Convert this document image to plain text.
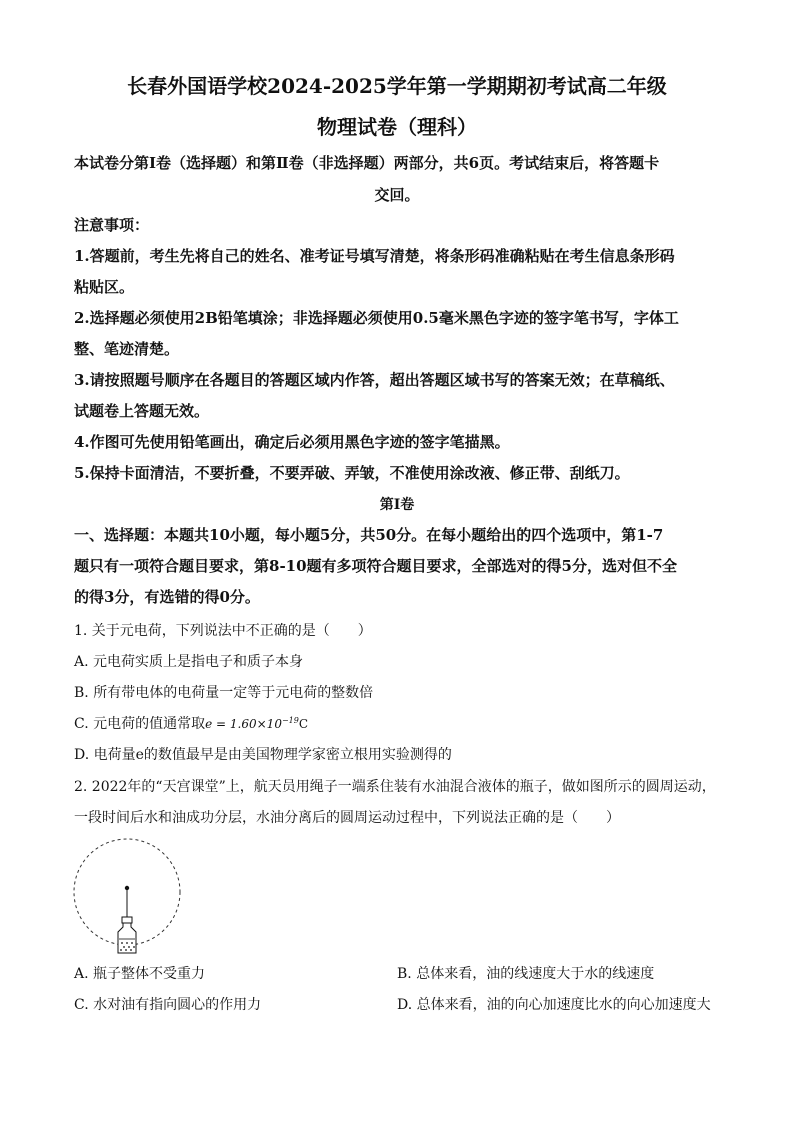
长春外国语学校2024-2025学年第一学期期初考试高二年级
物理试卷（理科）
本试卷分第Ⅰ卷（选择题）和第Ⅱ卷（非选择题）两部分，共6页。考试结束后，将答题卡
交回。
注意事项：
1.答题前，考生先将自己的姓名、准考证号填写清楚，将条形码准确粘贴在考生信息条形码
粘贴区。
2.选择题必须使用2B铅笔填涂；非选择题必须使用0.5毫米黑色字迹的签字笔书写，字体工
整、笔迹清楚。
3.请按照题号顺序在各题目的答题区域内作答，超出答题区域书写的答案无效；在草稿纸、
试题卷上答题无效。
4.作图可先使用铅笔画出，确定后必须用黑色字迹的签字笔描黑。
5.保持卡面清洁，不要折叠，不要弄破、弄皱，不准使用涂改液、修正带、刮纸刀。
第Ⅰ卷
一、选择题：本题共10小题，每小题5分，共50分。在每小题给出的四个选项中，第1-7
题只有一项符合题目要求，第8-10题有多项符合题目要求，全部选对的得5分，选对但不全
的得3分，有选错的得0分。
1. 关于元电荷，下列说法中不正确的是（　　）
A. 元电荷实质上是指电子和质子本身
B. 所有带电体的电荷量一定等于元电荷的整数倍
C. 元电荷的值通常取$e = 1.60\times 10^{-19}C$
D. 电荷量e的数值最早是由美国物理学家密立根用实验测得的
2. 2022年的“天宫课堂”上，航天员用绳子一端系住装有水油混合液体的瓶子，做如图所示的圆周运动，
一段时间后水和油成功分层，水油分离后的圆周运动过程中，下列说法正确的是（　　）
A. 瓶子整体不受重力	B. 总体来看，油的线速度大于水的线速度
C. 水对油有指向圆心的作用力	D. 总体来看，油的向心加速度比水的向心加速度大
